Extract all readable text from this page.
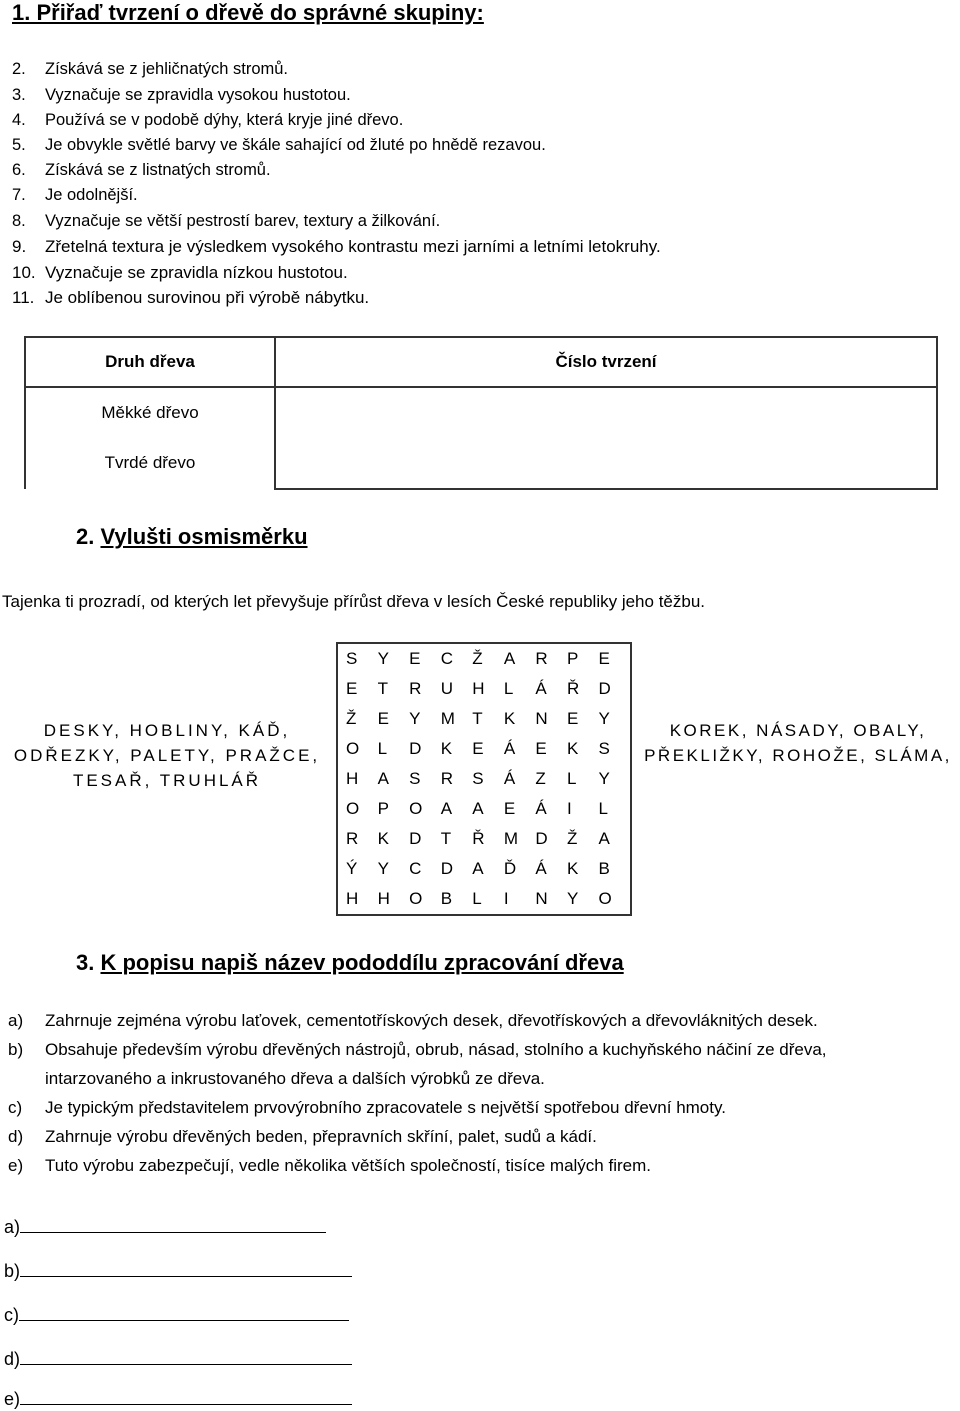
1. Přiřaď tvrzení o dřevě do správné skupiny:
2. Získává se z jehličnatých stromů.
3. Vyznačuje se zpravidla vysokou hustotou.
4. Používá se v podobě dýhy, která kryje jiné dřevo.
5. Je obvykle světlé barvy ve škále sahající od žluté po hnědě rezavou.
6. Získává se z listnatých stromů.
7. Je odolnější.
8. Vyznačuje se větší pestrostí barev, textury a žilkování.
9. Zřetelná textura je výsledkem vysokého kontrastu mezi jarními a letními letokruhy.
10. Vyznačuje se zpravidla nízkou hustotou.
11. Je oblíbenou surovinou při výrobě nábytku.
Druh dřeva	Číslo tvrzení

Měkké dřevo
Tvrdé dřevo	

2. Vylušti osmisměrku
Tajenka ti prozradí, od kterých let převyšuje přírůst dřeva v lesích České republiky jeho těžbu.
DESKY, HOBLINY, KÁĎ,
ODŘEZKY, PALETY, PRAŽCE,
TESAŘ, TRUHLÁŘ
S	Y	E	C	Ž	A	R	P	E
E	T	R	U	H	L	Á	Ř	D
Ž	E	Y	M	T	K	N	E	Y
O	L	D	K	E	Á	E	K	S
H	A	S	R	S	Á	Z	L	Y
O	P	O	A	A	E	Á	I	L
R	K	D	T	Ř	M	D	Ž	A
Ý	Y	C	D	A	Ď	Á	K	B
H	H	O	B	L	I	N	Y	O
KOREK, NÁSADY, OBALY,
PŘEKLIŽKY, ROHOŽE, SLÁMA,
3. K popisu napiš název pododdílu zpracování dřeva
a) Zahrnuje zejména výrobu laťovek, cementotřískových desek, dřevotřískových a dřevovláknitých desek.
b) Obsahuje především výrobu dřevěných nástrojů, obrub, násad, stolního a kuchyňského náčiní ze dřeva,
intarzovaného a inkrustovaného dřeva a dalších výrobků ze dřeva.
c) Je typickým představitelem prvovýrobního zpracovatele s největší spotřebou dřevní hmoty.
d) Zahrnuje výrobu dřevěných beden, přepravních skříní, palet, sudů a kádí.
e) Tuto výrobu zabezpečují, vedle několika větších společností, tisíce malých firem.
a)
b)
c)
d)
e)
